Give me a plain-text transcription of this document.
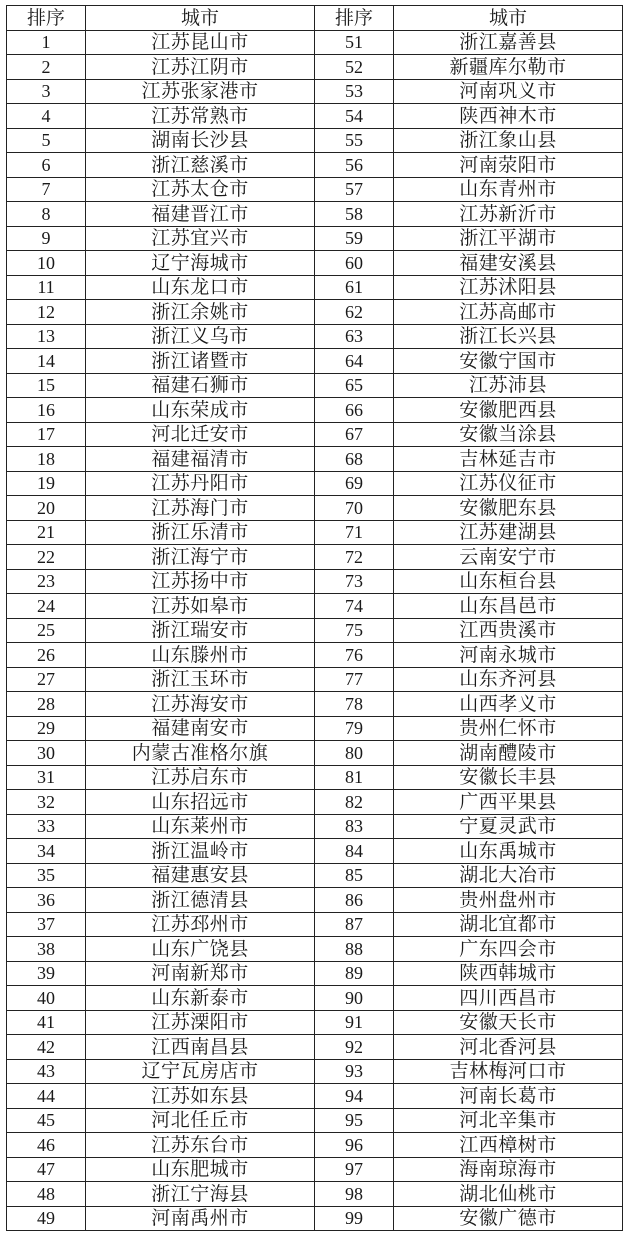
排序	城市	排序	城市
1	江苏昆山市	51	浙江嘉善县
2	江苏江阴市	52	新疆库尔勒市
3	江苏张家港市	53	河南巩义市
4	江苏常熟市	54	陕西神木市
5	湖南长沙县	55	浙江象山县
6	浙江慈溪市	56	河南荥阳市
7	江苏太仓市	57	山东青州市
8	福建晋江市	58	江苏新沂市
9	江苏宜兴市	59	浙江平湖市
10	辽宁海城市	60	福建安溪县
11	山东龙口市	61	江苏沭阳县
12	浙江余姚市	62	江苏高邮市
13	浙江义乌市	63	浙江长兴县
14	浙江诸暨市	64	安徽宁国市
15	福建石狮市	65	江苏沛县
16	山东荣成市	66	安徽肥西县
17	河北迁安市	67	安徽当涂县
18	福建福清市	68	吉林延吉市
19	江苏丹阳市	69	江苏仪征市
20	江苏海门市	70	安徽肥东县
21	浙江乐清市	71	江苏建湖县
22	浙江海宁市	72	云南安宁市
23	江苏扬中市	73	山东桓台县
24	江苏如皋市	74	山东昌邑市
25	浙江瑞安市	75	江西贵溪市
26	山东滕州市	76	河南永城市
27	浙江玉环市	77	山东齐河县
28	江苏海安市	78	山西孝义市
29	福建南安市	79	贵州仁怀市
30	内蒙古准格尔旗	80	湖南醴陵市
31	江苏启东市	81	安徽长丰县
32	山东招远市	82	广西平果县
33	山东莱州市	83	宁夏灵武市
34	浙江温岭市	84	山东禹城市
35	福建惠安县	85	湖北大冶市
36	浙江德清县	86	贵州盘州市
37	江苏邳州市	87	湖北宜都市
38	山东广饶县	88	广东四会市
39	河南新郑市	89	陕西韩城市
40	山东新泰市	90	四川西昌市
41	江苏溧阳市	91	安徽天长市
42	江西南昌县	92	河北香河县
43	辽宁瓦房店市	93	吉林梅河口市
44	江苏如东县	94	河南长葛市
45	河北任丘市	95	河北辛集市
46	江苏东台市	96	江西樟树市
47	山东肥城市	97	海南琼海市
48	浙江宁海县	98	湖北仙桃市
49	河南禹州市	99	安徽广德市
